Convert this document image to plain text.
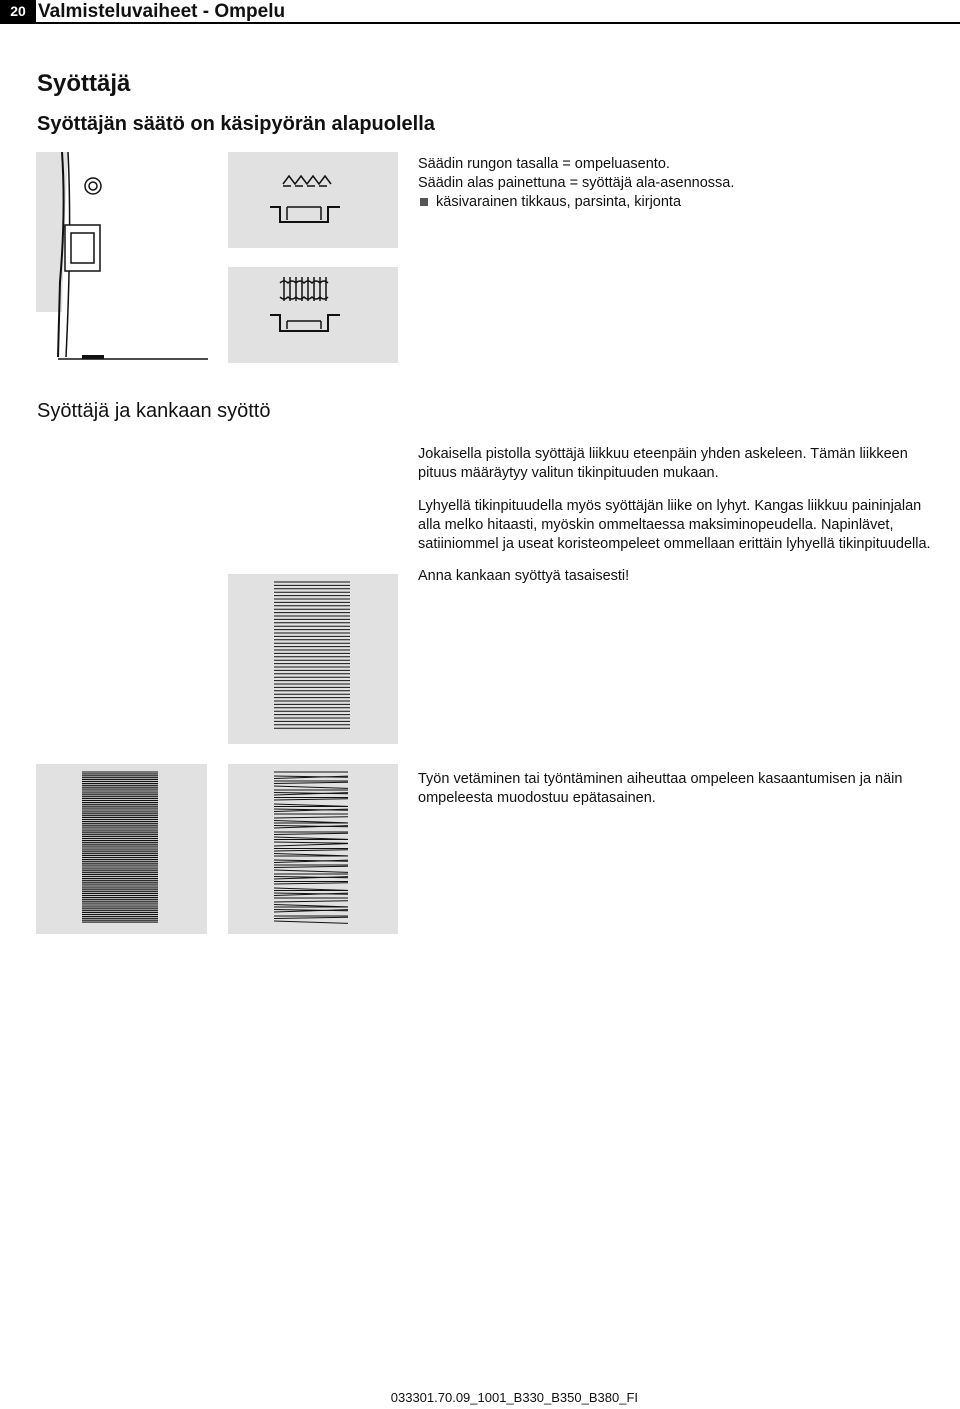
20 Valmisteluvaiheet - Ompelu
Syöttäjä
Syöttäjän säätö on käsipyörän alapuolella

Säädin rungon tasalla = ompeluasento.

Säädin alas painettuna = syöttäjä ala-asennossa.

käsivarainen tikkaus, parsinta, kirjonta

Syöttäjä ja kankaan syöttö

Jokaisella pistolla syöttäjä liikkuu eteenpäin yhden askeleen. Tämän liikkeen

pituus määräytyy valitun tikinpituuden mukaan.

Lyhyellä tikinpituudella myös syöttäjän liike on lyhyt. Kangas liikkuu paininjalan

alla melko hitaasti, myöskin ommeltaessa maksiminopeudella. Napinlävet,

satiiniommel ja useat koristeompeleet ommellaan erittäin lyhyellä tikinpituudella.

Anna kankaan syöttyä tasaisesti!

Työn vetäminen tai työntäminen aiheuttaa ompeleen kasaantumisen ja näin

ompeleesta muodostuu epätasainen.

033301.70.09_1001_B330_B350_B380_FI
